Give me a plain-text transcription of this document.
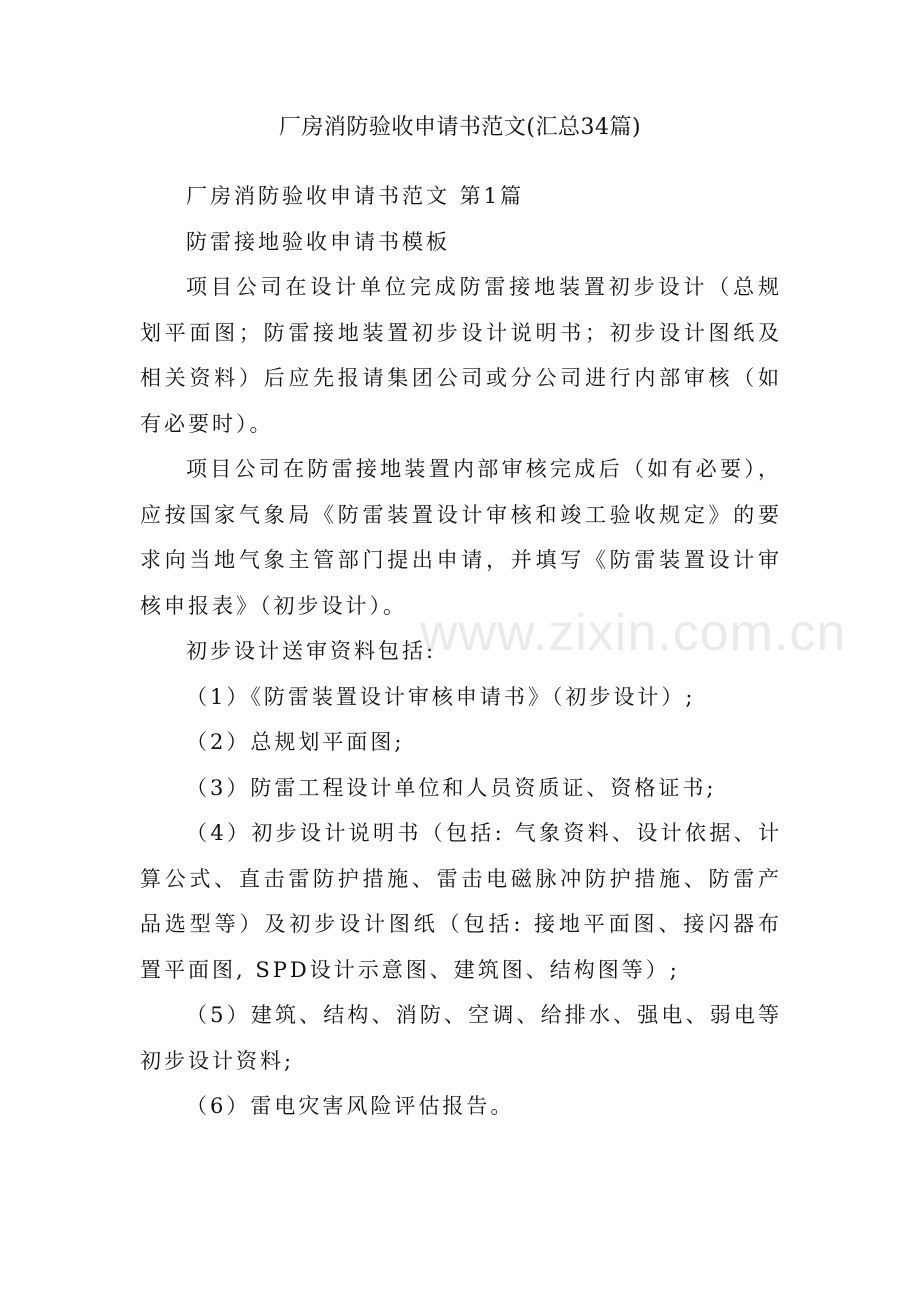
厂房消防验收申请书范文(汇总34篇)

厂房消防验收申请书范文 第1篇

防雷接地验收申请书模板

项目公司在设计单位完成防雷接地装置初步设计（总规划平面图；防雷接地装置初步设计说明书；初步设计图纸及相关资料）后应先报请集团公司或分公司进行内部审核（如有必要时）。

项目公司在防雷接地装置内部审核完成后（如有必要），应按国家气象局《防雷装置设计审核和竣工验收规定》的要求向当地气象主管部门提出申请，并填写《防雷装置设计审核申报表》（初步设计）。

初步设计送审资料包括:

（1）《防雷装置设计审核申请书》（初步设计）;

（2）总规划平面图;

（3）防雷工程设计单位和人员资质证、资格证书;

（4）初步设计说明书（包括: 气象资料、设计依据、计算公式、直击雷防护措施、雷击电磁脉冲防护措施、防雷产品选型等）及初步设计图纸（包括: 接地平面图、接闪器布置平面图, SPD设计示意图、建筑图、结构图等）;

（5）建筑、结构、消防、空调、给排水、强电、弱电等初步设计资料;

（6）雷电灾害风险评估报告。

www.zixin.com.cn
